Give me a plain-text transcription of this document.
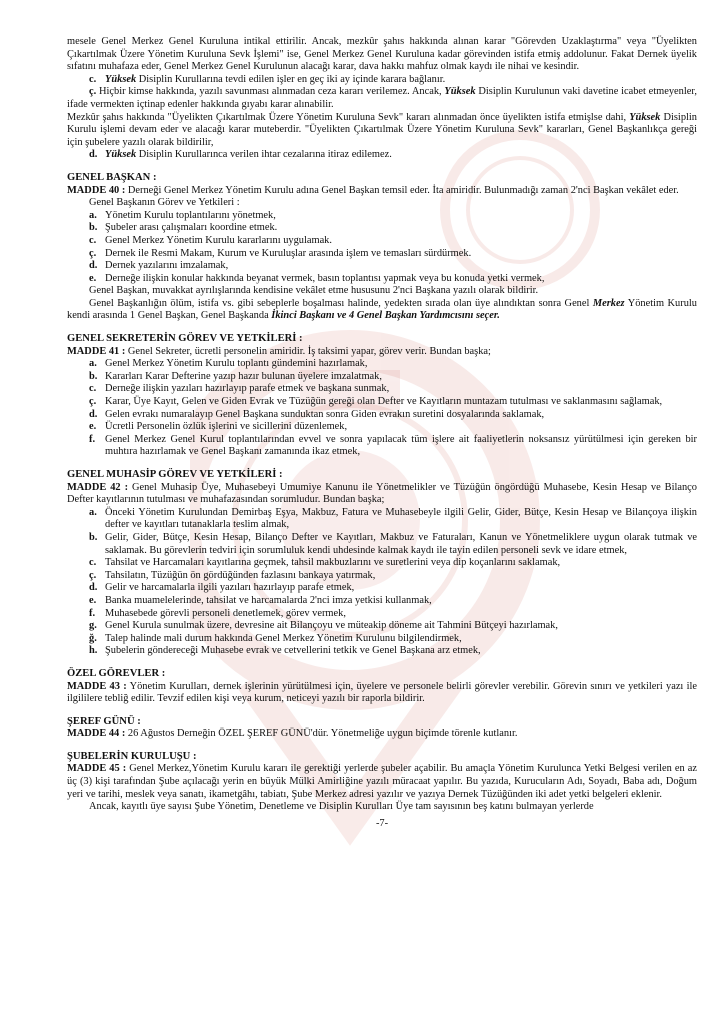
mesele Genel Merkez Genel Kuruluna intikal ettirilir. Ancak, mezkûr şahıs hakkında alınan karar "Görevden Uzaklaştırma" veya "Üyelikten Çıkartılmak Üzere Yönetim Kuruluna Sevk İşlemi" ise, Genel Merkez Genel Kuruluna kadar görevinden istifa etmiş addolunur. Fakat Dernek üyelik sıfatını muhafaza eder, Genel Merkez Genel Kurulunun alacağı karar, dava hakkı mahfuz olmak kaydı ile nihai ve kesindir.

c. Yüksek Disiplin Kurullarına tevdi edilen işler en geç iki ay içinde karara bağlanır.

ç. Hiçbir kimse hakkında, yazılı savunması alınmadan ceza kararı verilemez. Ancak, Yüksek Disiplin Kurulunun vaki davetine icabet etmeyenler, ifade vermekten içtinap edenler hakkında gıyabı karar alınabilir.

Mezkûr şahıs hakkında "Üyelikten Çıkartılmak Üzere Yönetim Kuruluna Sevk" kararı alınmadan önce üyelikten istifa etmişlse dahi, Yüksek Disiplin Kurulu işlemi devam eder ve alacağı karar muteberdir. "Üyelikten Çıkartılmak Üzere Yönetim Kuruluna Sevk" kararları, Genel Başkanlıkça gereği için şubelere yazılı olarak bildirilir,

d. Yüksek Disiplin Kurullarınca verilen ihtar cezalarına itiraz edilemez.
GENEL BAŞKAN :

MADDE 40 : Derneği Genel Merkez Yönetim Kurulu adına Genel Başkan temsil eder. İta amiridir. Bulunmadığı zaman 2'nci Başkan vekâlet eder.

Genel Başkanın Görev ve Yetkileri :

a. Yönetim Kurulu toplantılarını yönetmek,
b. Şubeler arası çalışmaları koordine etmek.
c. Genel Merkez Yönetim Kurulu kararlarını uygulamak.
ç. Dernek ile Resmi Makam, Kurum ve Kuruluşlar arasında işlem ve temasları sürdürmek.
d. Dernek yazılarını imzalamak,
e. Derneğe ilişkin konular hakkında beyanat vermek, basın toplantısı yapmak veya bu konuda yetki vermek,

Genel Başkan, muvakkat ayrılışlarında kendisine vekâlet etme hususunu 2'nci Başkana yazılı olarak bildirir.

Genel Başkanlığın ölüm, istifa vs. gibi sebeplerle boşalması halinde, yedekten sırada olan üye alındıktan sonra Genel Merkez Yönetim Kurulu kendi arasında 1 Genel Başkan, Genel Başkanda İkinci Başkanı ve 4 Genel Başkan Yardımcısını seçer.

GENEL SEKRETERİN GÖREV VE YETKİLERİ :

MADDE 41 : Genel Sekreter, ücretli personelin amiridir. İş taksimi yapar, görev verir. Bundan başka;

a. Genel Merkez Yönetim Kurulu toplantı gündemini hazırlamak,
b. Kararları Karar Defterine yazıp hazır bulunan üyelere imzalatmak,
c. Derneğe ilişkin yazıları hazırlayıp parafe etmek ve başkana sunmak,
ç. Karar, Üye Kayıt, Gelen ve Giden Evrak ve Tüzüğün gereği olan Defter ve Kayıtların muntazam tutulması ve saklanmasını sağlamak,
d. Gelen evrakı numaralayıp Genel Başkana sunduktan sonra Giden evrakın suretini dosyalarında saklamak,
e. Ücretli Personelin özlük işlerini ve sicillerini düzenlemek,
f. Genel Merkez Genel Kurul toplantılarından evvel ve sonra yapılacak tüm işlere ait faaliyetlerin noksansız yürütülmesi için gereken bir muhtıra hazırlamak ve Genel Başkanı zamanında ikaz etmek,
GENEL MUHASİP GÖREV VE YETKİLERİ :

MADDE 42 : Genel Muhasip Üye, Muhasebeyi Umumiye Kanunu ile Yönetmelikler ve Tüzüğün öngördüğü Muhasebe, Kesin Hesap ve Bilanço Defter kayıtlarının tutulması ve muhafazasından sorumludur. Bundan başka;

a. Önceki Yönetim Kurulundan Demirbaş Eşya, Makbuz, Fatura ve Muhasebeyle ilgili Gelir, Gider, Bütçe, Kesin Hesap ve Bilançoya ilişkin defter ve kayıtları tutanaklarla teslim almak,
b. Gelir, Gider, Bütçe, Kesin Hesap, Bilanço Defter ve Kayıtları, Makbuz ve Faturaları, Kanun ve Yönetmeliklere uygun olarak tutmak ve saklamak. Bu görevlerin tedviri için sorumluluk kendi uhdesinde kalmak kaydı ile tayin edilen personeli sevk ve idare etmek,
c. Tahsilat ve Harcamaları kayıtlarına geçmek, tahsil makbuzlarını ve suretlerini veya dip koçanlarını saklamak,
ç. Tahsilatın, Tüzüğün ön gördüğünden fazlasını bankaya yatırmak,
d. Gelir ve harcamalarla ilgili yazıları hazırlayıp parafe etmek,
e. Banka muamelelerinde, tahsilat ve harcamalarda 2'nci imza yetkisi kullanmak,
f. Muhasebede görevli personeli denetlemek, görev vermek,
g. Genel Kurula sunulmak üzere, devresine ait Bilançoyu ve müteakip döneme ait Tahmini Bütçeyi hazırlamak,
ğ. Talep halinde mali durum hakkında Genel Merkez Yönetim Kurulunu bilgilendirmek,
h. Şubelerin göndereceği Muhasebe evrak ve cetvellerini tetkik ve Genel Başkana arz etmek,
ÖZEL GÖREVLER :

MADDE 43 : Yönetim Kurulları, dernek işlerinin yürütülmesi için, üyelere ve personele belirli görevler verebilir. Görevin sınırı ve yetkileri yazı ile ilgililere tebliğ edilir. Tevzif edilen kişi veya kurum, neticeyi yazılı bir raporla bildirir.

ŞEREF GÜNÜ :

MADDE 44 : 26 Ağustos Derneğin ÖZEL ŞEREF GÜNÜ'dür. Yönetmeliğe uygun biçimde törenle kutlanır.

ŞUBELERİN KURULUŞU :

MADDE 45 : Genel Merkez,Yönetim Kurulu kararı ile gerektiği yerlerde şubeler açabilir. Bu amaçla Yönetim Kurulunca Yetki Belgesi verilen en az üç (3) kişi tarafından Şube açılacağı yerin en büyük Mülki Amirliğine yazılı müracaat yapılır. Bu yazıda, Kurucuların Adı, Soyadı, Baba adı, Doğum yeri ve tarihi, meslek veya sanatı, ikametgâhı, tabiatı, Şube Merkez adresi yazılır ve yazıya Dernek Tüzüğünden iki adet yetki belgeleri eklenir.

Ancak, kayıtlı üye sayısı Şube Yönetim, Denetleme ve Disiplin Kurulları Üye tam sayısının beş katını bulmayan yerlerde

-7-
